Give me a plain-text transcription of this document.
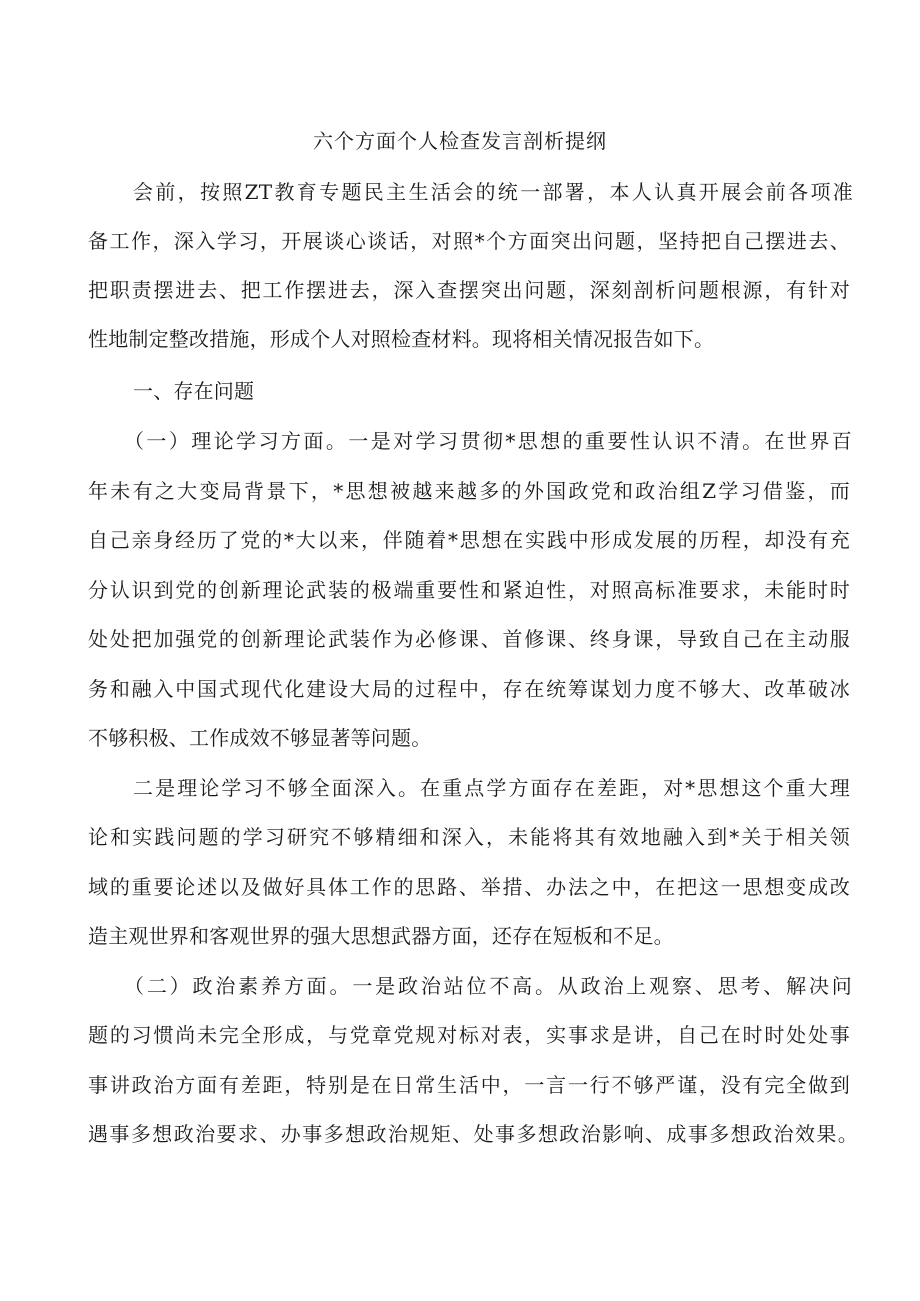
六个方面个人检查发言剖析提纲
会前，按照ZT教育专题民主生活会的统一部署，本人认真开展会前各项准
备工作，深入学习，开展谈心谈话，对照*个方面突出问题，坚持把自己摆进去、
把职责摆进去、把工作摆进去，深入查摆突出问题，深刻剖析问题根源，有针对
性地制定整改措施，形成个人对照检查材料。现将相关情况报告如下。
一、存在问题
（一）理论学习方面。一是对学习贯彻*思想的重要性认识不清。在世界百
年未有之大变局背景下，*思想被越来越多的外国政党和政治组Z学习借鉴，而
自己亲身经历了党的*大以来，伴随着*思想在实践中形成发展的历程，却没有充
分认识到党的创新理论武装的极端重要性和紧迫性，对照高标准要求，未能时时
处处把加强党的创新理论武装作为必修课、首修课、终身课，导致自己在主动服
务和融入中国式现代化建设大局的过程中，存在统筹谋划力度不够大、改革破冰
不够积极、工作成效不够显著等问题。
二是理论学习不够全面深入。在重点学方面存在差距，对*思想这个重大理
论和实践问题的学习研究不够精细和深入，未能将其有效地融入到*关于相关领
域的重要论述以及做好具体工作的思路、举措、办法之中，在把这一思想变成改
造主观世界和客观世界的强大思想武器方面，还存在短板和不足。
（二）政治素养方面。一是政治站位不高。从政治上观察、思考、解决问
题的习惯尚未完全形成，与党章党规对标对表，实事求是讲，自己在时时处处事
事讲政治方面有差距，特别是在日常生活中，一言一行不够严谨，没有完全做到
遇事多想政治要求、办事多想政治规矩、处事多想政治影响、成事多想政治效果。
